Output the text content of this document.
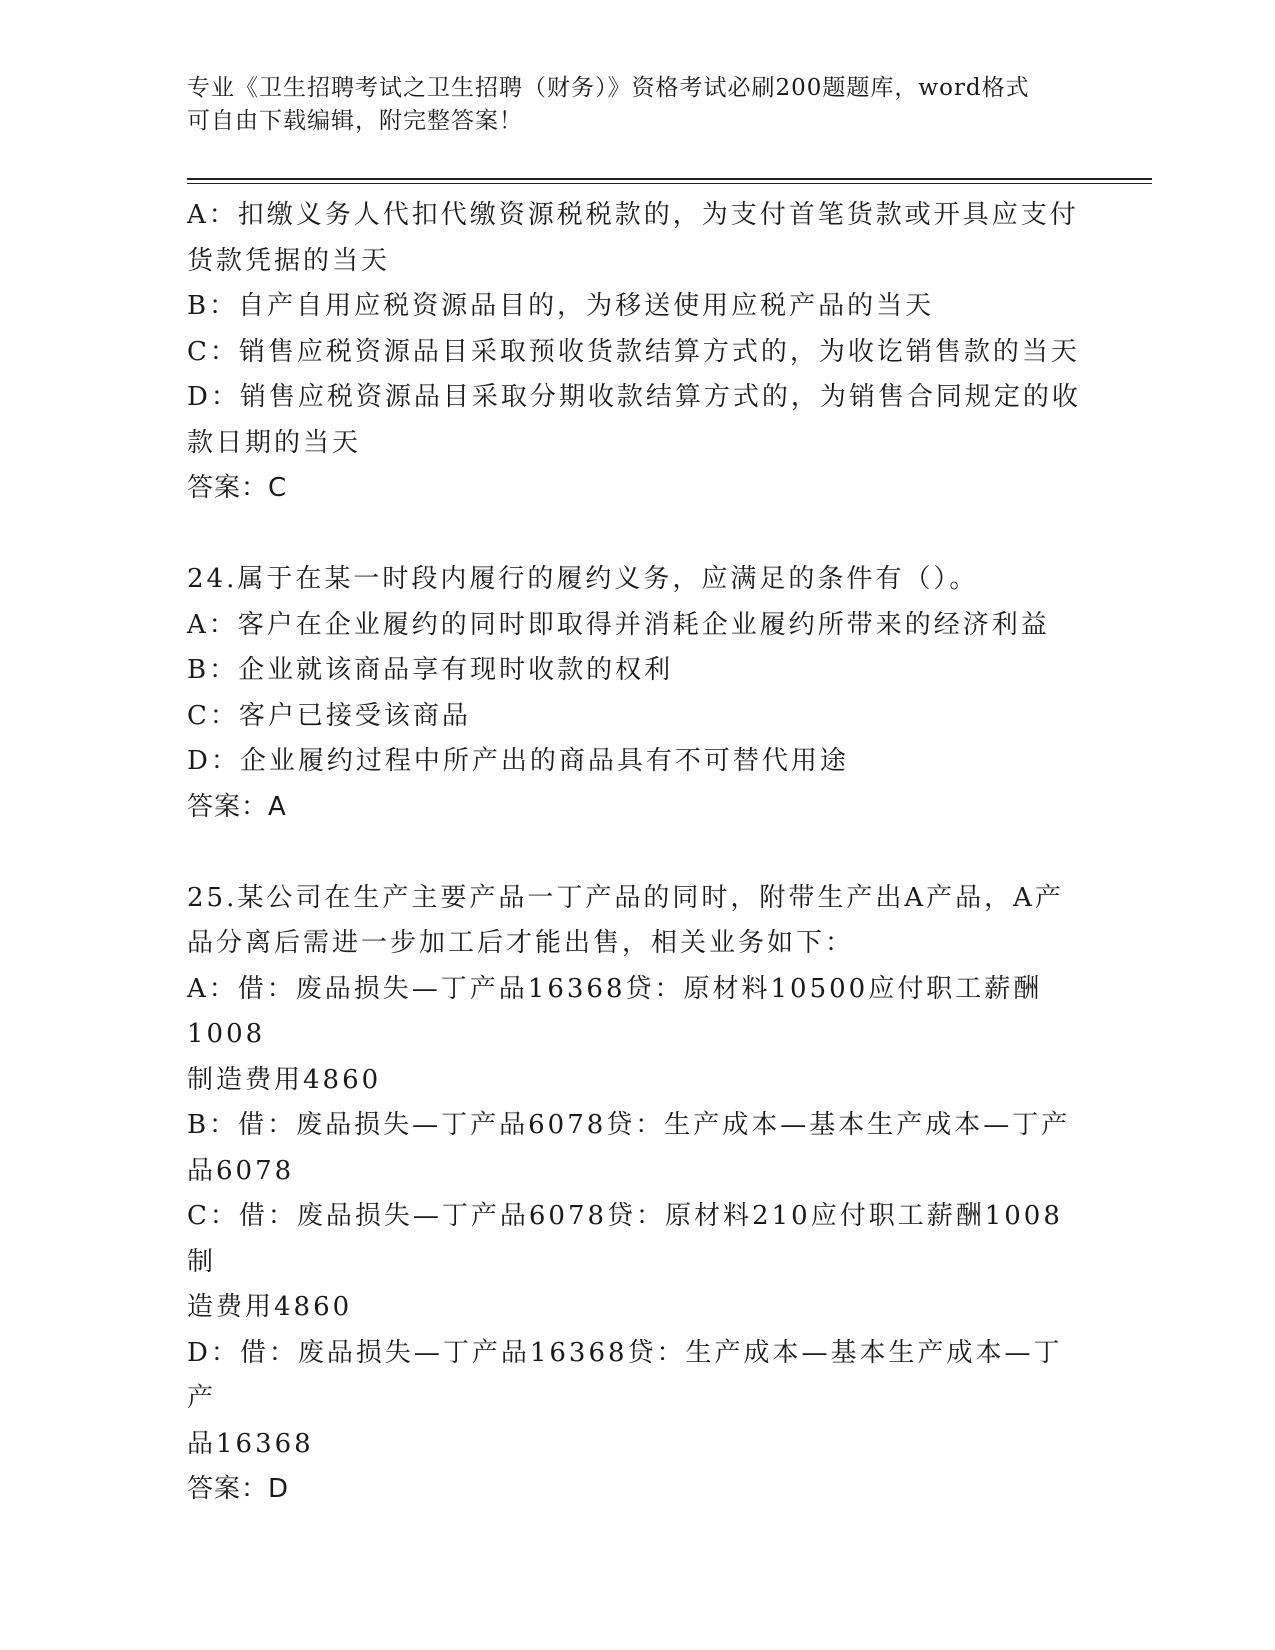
专业《卫生招聘考试之卫生招聘（财务）》资格考试必刷200题题库，word格式
可自由下载编辑，附完整答案！
A：扣缴义务人代扣代缴资源税税款的，为支付首笔货款或开具应支付
货款凭据的当天
B：自产自用应税资源品目的，为移送使用应税产品的当天
C：销售应税资源品目采取预收货款结算方式的，为收讫销售款的当天
D：销售应税资源品目采取分期收款结算方式的，为销售合同规定的收
款日期的当天
答案：C
24.属于在某一时段内履行的履约义务，应满足的条件有（）。
A：客户在企业履约的同时即取得并消耗企业履约所带来的经济利益
B：企业就该商品享有现时收款的权利
C：客户已接受该商品
D：企业履约过程中所产出的商品具有不可替代用途
答案：A
25.某公司在生产主要产品一丁产品的同时，附带生产出A产品，A产
品分离后需进一步加工后才能出售，相关业务如下：
A：借：废品损失—丁产品16368贷：原材料10500应付职工薪酬1008
制造费用4860
B：借：废品损失—丁产品6078贷：生产成本—基本生产成本—丁产
品6078
C：借：废品损失—丁产品6078贷：原材料210应付职工薪酬1008制
造费用4860
D：借：废品损失—丁产品16368贷：生产成本—基本生产成本—丁产
品16368
答案：D
